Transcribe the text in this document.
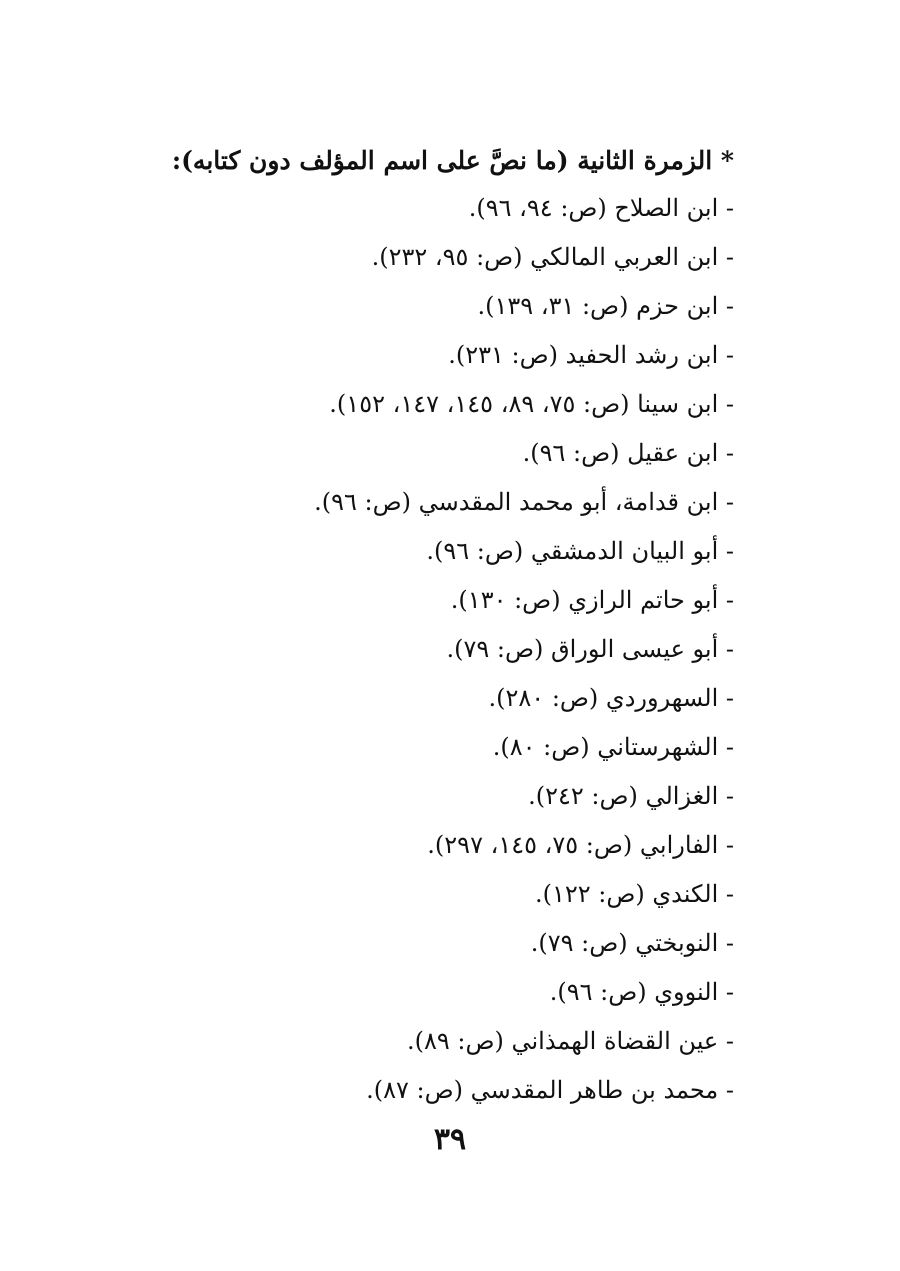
* الزمرة الثانية (ما نصَّ على اسم المؤلف دون كتابه):
- ابن الصلاح (ص: ٩٤، ٩٦).
- ابن العربي المالكي (ص: ٩٥، ٢٣٢).
- ابن حزم (ص: ٣١، ١٣٩).
- ابن رشد الحفيد (ص: ٢٣١).
- ابن سينا (ص: ٧٥، ٨٩، ١٤٥، ١٤٧، ١٥٢).
- ابن عقيل (ص: ٩٦).
- ابن قدامة، أبو محمد المقدسي (ص: ٩٦).
- أبو البيان الدمشقي (ص: ٩٦).
- أبو حاتم الرازي (ص: ١٣٠).
- أبو عيسى الوراق (ص: ٧٩).
- السهروردي (ص: ٢٨٠).
- الشهرستاني (ص: ٨٠).
- الغزالي (ص: ٢٤٢).
- الفارابي (ص: ٧٥، ١٤٥، ٢٩٧).
- الكندي (ص: ١٢٢).
- النوبختي (ص: ٧٩).
- النووي (ص: ٩٦).
- عين القضاة الهمذاني (ص: ٨٩).
- محمد بن طاهر المقدسي (ص: ٨٧).
٣٩
